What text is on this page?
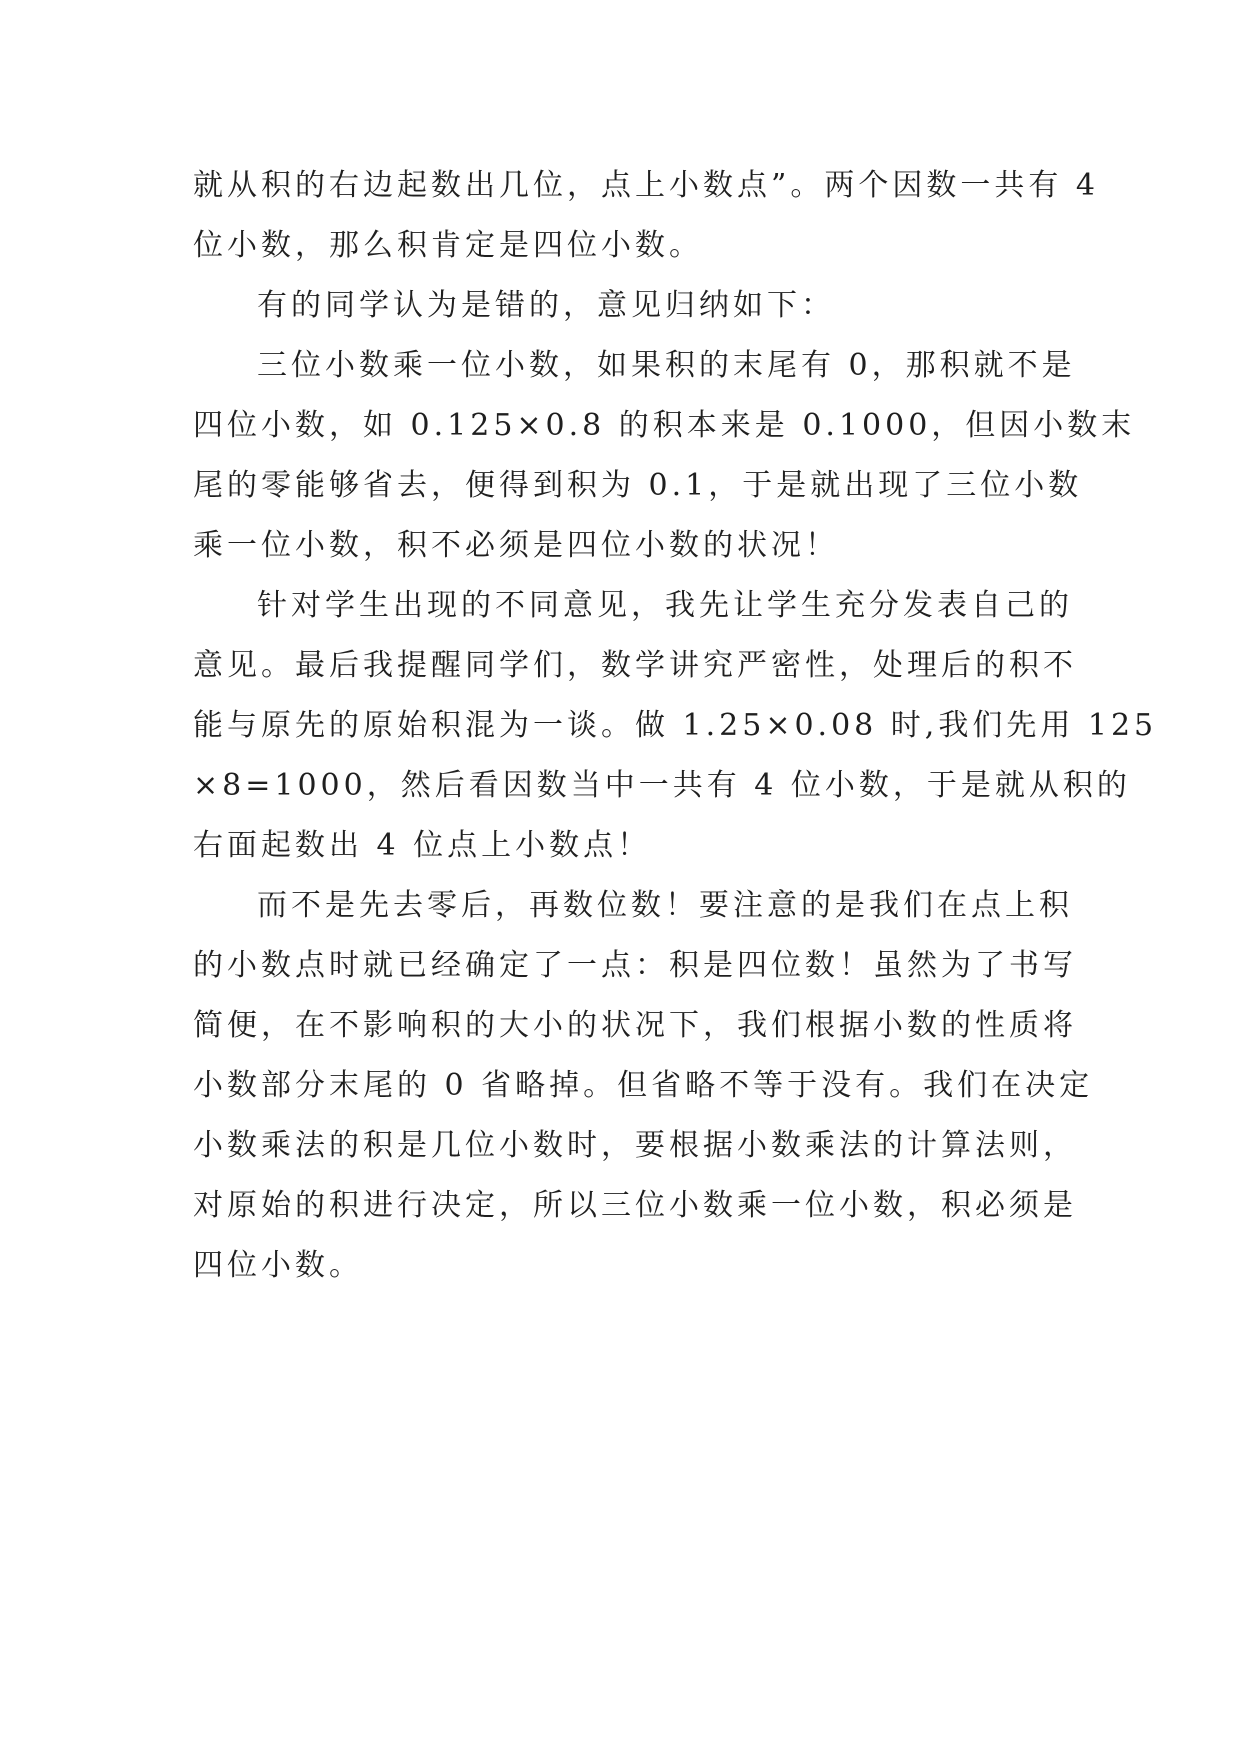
就从积的右边起数出几位，点上小数点”。两个因数一共有 4
位小数，那么积肯定是四位小数。
有的同学认为是错的，意见归纳如下：
三位小数乘一位小数，如果积的末尾有 0，那积就不是
四位小数，如 0.125×0.8 的积本来是 0.1000，但因小数末
尾的零能够省去，便得到积为 0.1，于是就出现了三位小数
乘一位小数，积不必须是四位小数的状况！
针对学生出现的不同意见，我先让学生充分发表自己的
意见。最后我提醒同学们，数学讲究严密性，处理后的积不
能与原先的原始积混为一谈。做 1.25×0.08 时,我们先用 125
×8=1000，然后看因数当中一共有 4 位小数，于是就从积的
右面起数出 4 位点上小数点！
而不是先去零后，再数位数！要注意的是我们在点上积
的小数点时就已经确定了一点：积是四位数！虽然为了书写
简便，在不影响积的大小的状况下，我们根据小数的性质将
小数部分末尾的 0 省略掉。但省略不等于没有。我们在决定
小数乘法的积是几位小数时，要根据小数乘法的计算法则，
对原始的积进行决定，所以三位小数乘一位小数，积必须是
四位小数。
